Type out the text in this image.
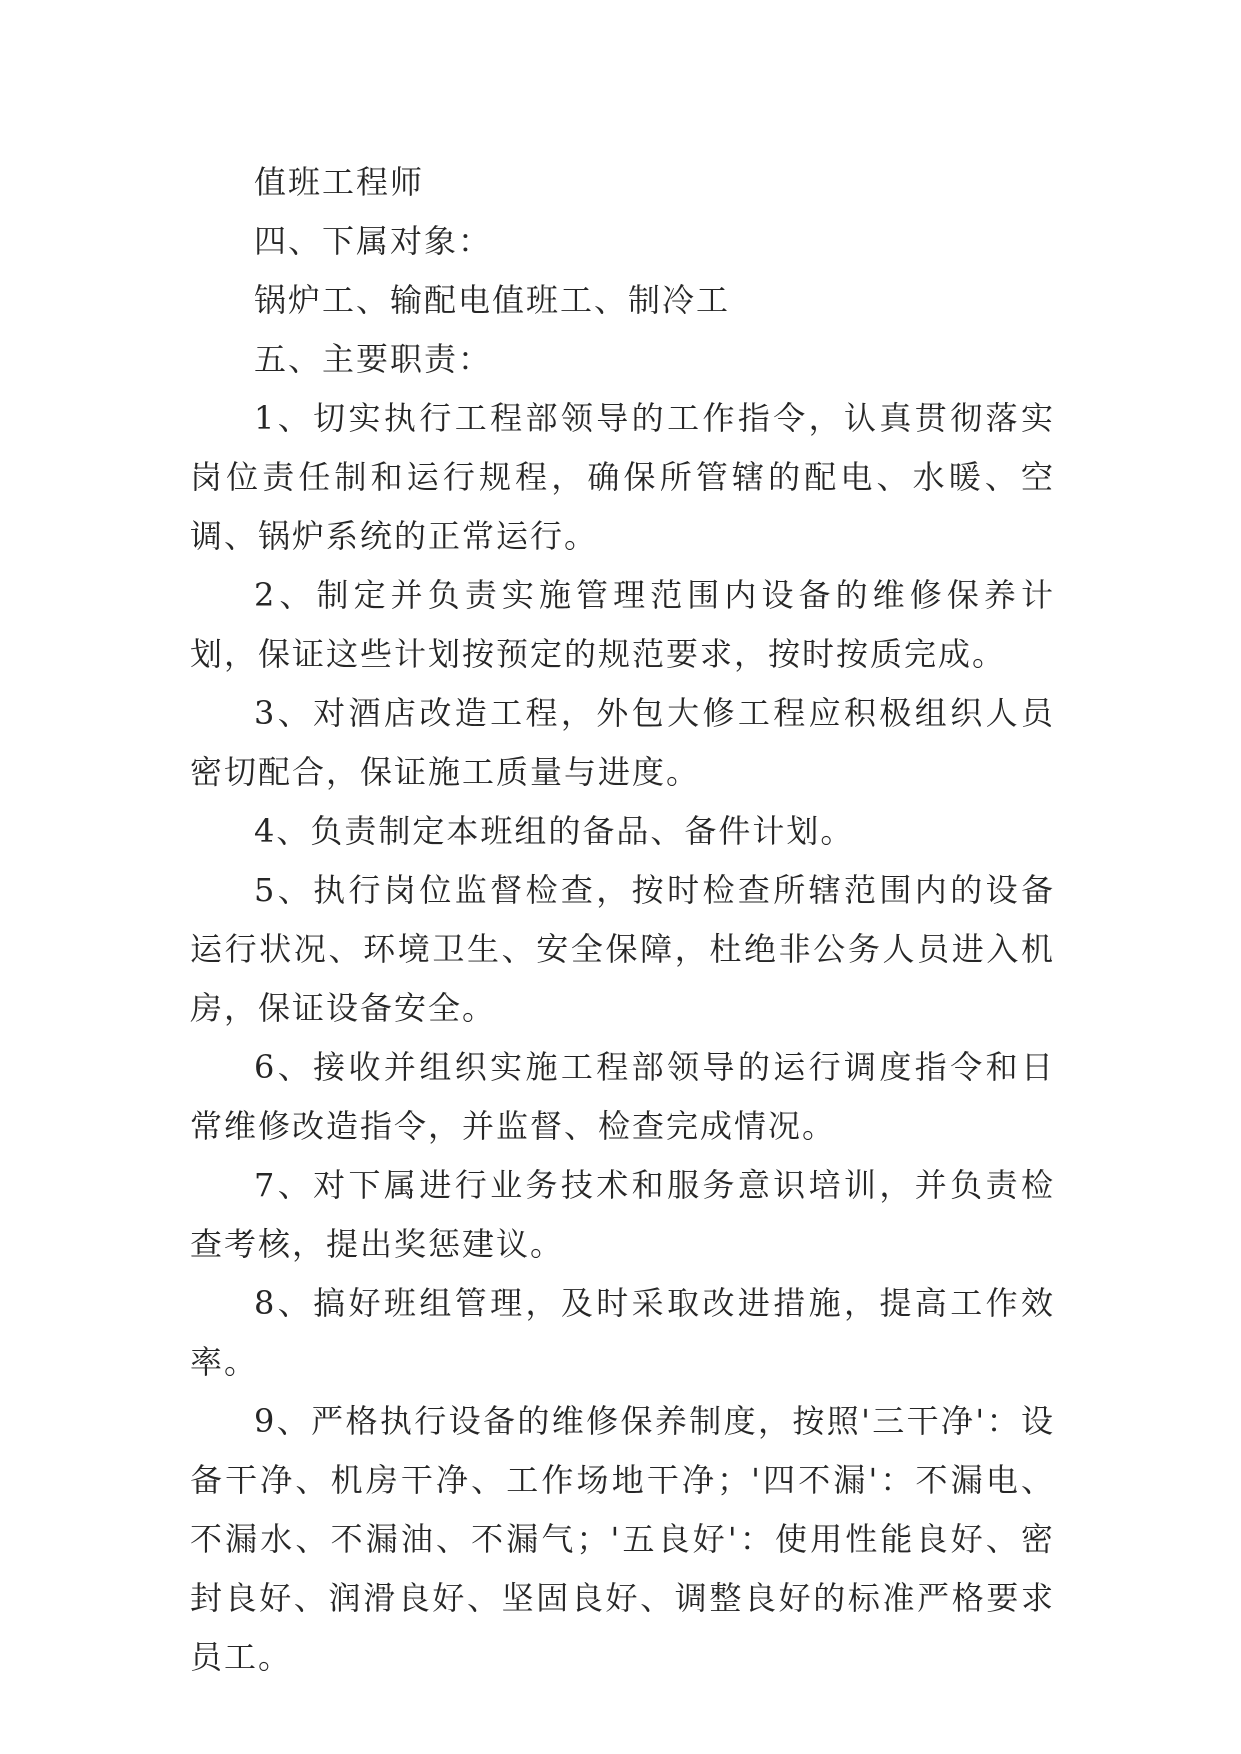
值班工程师

四、下属对象：

锅炉工、输配电值班工、制冷工

五、主要职责：

1、切实执行工程部领导的工作指令，认真贯彻落实岗位责任制和运行规程，确保所管辖的配电、水暖、空调、锅炉系统的正常运行。

2、制定并负责实施管理范围内设备的维修保养计划，保证这些计划按预定的规范要求，按时按质完成。

3、对酒店改造工程，外包大修工程应积极组织人员密切配合，保证施工质量与进度。

4、负责制定本班组的备品、备件计划。

5、执行岗位监督检查，按时检查所辖范围内的设备运行状况、环境卫生、安全保障，杜绝非公务人员进入机房，保证设备安全。

6、接收并组织实施工程部领导的运行调度指令和日常维修改造指令，并监督、检查完成情况。

7、对下属进行业务技术和服务意识培训，并负责检查考核，提出奖惩建议。

8、搞好班组管理，及时采取改进措施，提高工作效率。

9、严格执行设备的维修保养制度，按照'三干净'：设备干净、机房干净、工作场地干净；'四不漏'：不漏电、不漏水、不漏油、不漏气；'五良好'：使用性能良好、密封良好、润滑良好、坚固良好、调整良好的标准严格要求员工。
